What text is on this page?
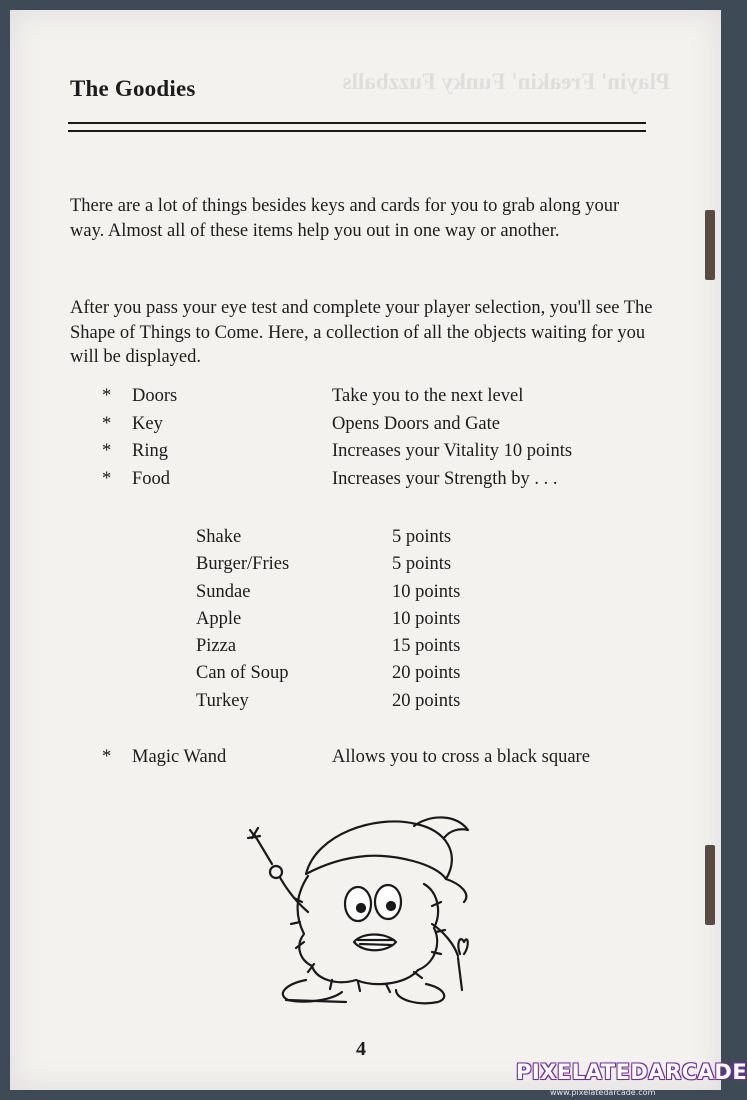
Playin' Freakin' Funky Fuzzballs
The Goodies

There are a lot of things besides keys and cards for you to grab along your way. Almost all of these items help you out in one way or another.

After you pass your eye test and complete your player selection, you'll see The Shape of Things to Come. Here, a collection of all the objects waiting for you will be displayed.

*	Doors	Take you to the next level
*	Key	Opens Doors and Gate
*	Ring	Increases your Vitality 10 points
*	Food	Increases your Strength by . . .
Shake	5 points
Burger/Fries	5 points
Sundae	10 points
Apple	10 points
Pizza	15 points
Can of Soup	20 points
Turkey	20 points
*	Magic Wand	Allows you to cross a black square
4
PIXELATEDARCADE
www.pixelatedarcade.com
